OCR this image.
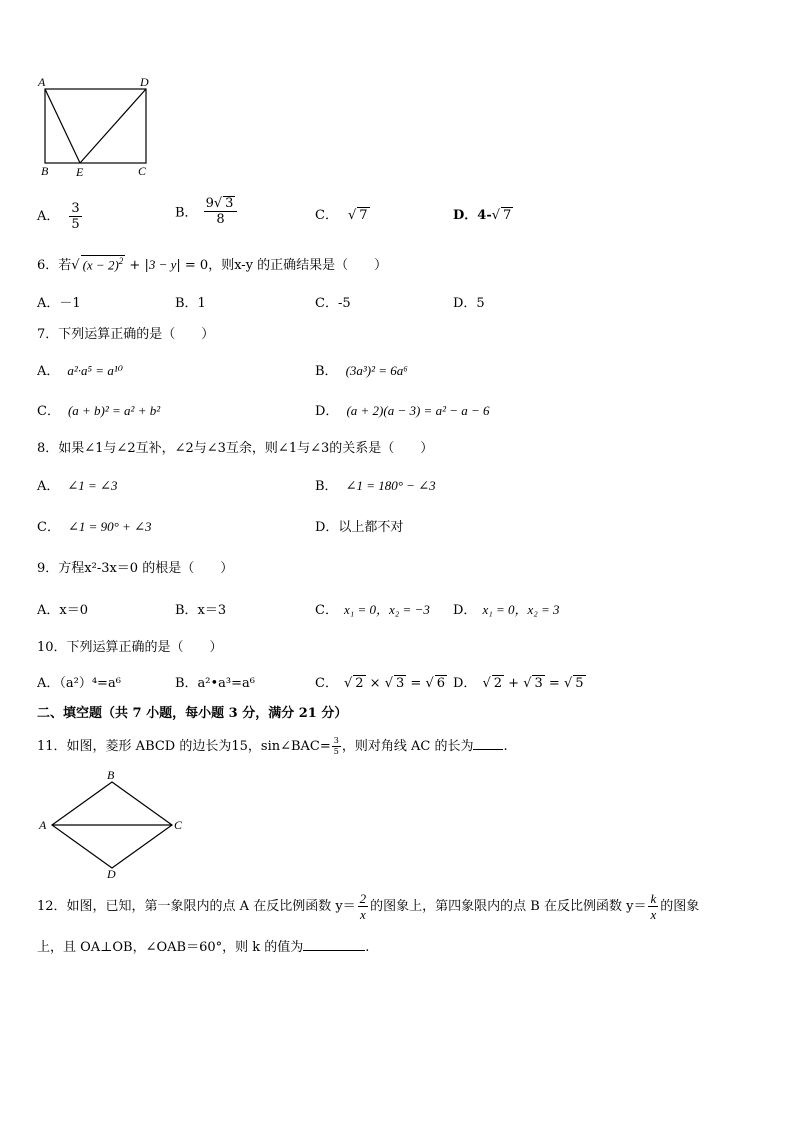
A	D
B E	C
A． $\frac{3}{5}$	B． $\frac{9√ 3}{8}$	C． √ 7	D．4-√ 7
6．若√ $(x - 2)^2 + |3 - y| = 0$，则x-y 的正确结果是（　　）
A．－1	B．1	C．-5	D．5
7．下列运算正确的是（　　）
A． a²·a⁵ = a¹⁰	B． (3a³)² = 6a⁶
C． (a + b)² = a² + b²	D． (a + 2)(a − 3) = a² − a − 6
8．如果∠1与∠2互补，∠2与∠3互余，则∠1与∠3的关系是（　　）
A． ∠1 = ∠3	B． ∠1 = 180° − ∠3
C． ∠1 = 90° + ∠3	D．以上都不对
9．方程x²-3x＝0 的根是（　　）
A．x＝0	B．x＝3	C． x₁ = 0，x₂ = −3 D． x₁ = 0，x₂ = 3
10．下列运算正确的是（　　）
A．（a²）⁴=a⁶	B．a²•a³=a⁶	C． √ 2 × √ 3 = √ 6 D． √ 2 + √ 3 = √ 5
二、填空题（共 7 小题，每小题 3 分，满分 21 分）
11．如图，菱形 ABCD 的边长为15，sin∠BAC= $\frac{3}{5}$ ，则对角线 AC 的长为 .
B
A	C
D
12．如图，已知，第一象限内的点 A 在反比例函数 $y= \frac{2}{x}$ 的图象上，第四象限内的点 B 在反比例函数 $y= \frac{k}{x}$ 的图象
上，且 OA⊥OB，∠OAB＝60°，则 k 的值为	.
